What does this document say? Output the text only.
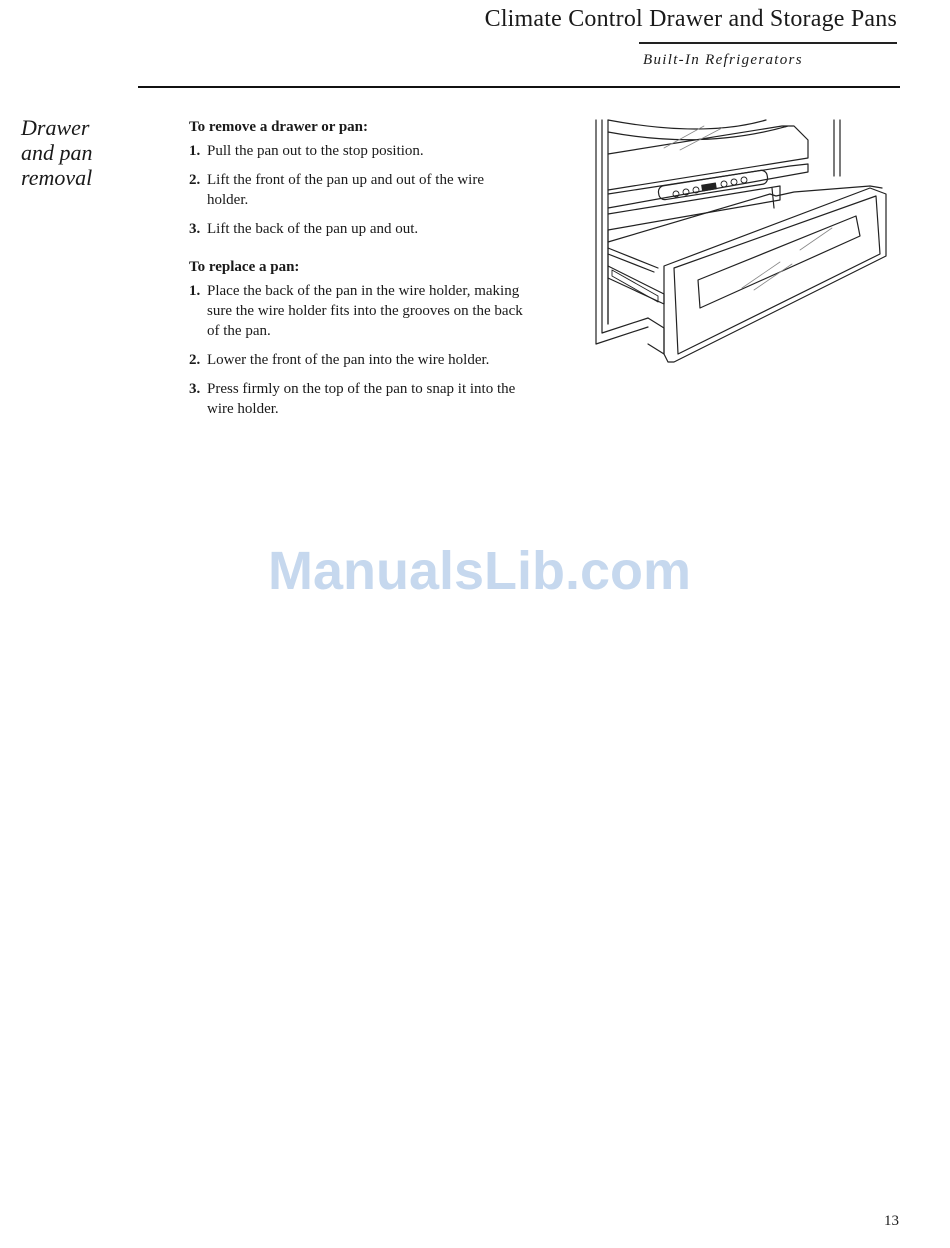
Climate Control Drawer and Storage Pans
Built-In Refrigerators
Drawer
and pan
removal
To remove a drawer or pan:
1. Pull the pan out to the stop position.
2. Lift the front of the pan up and out of the wire holder.
3. Lift the back of the pan up and out.
To replace a pan:
1. Place the back of the pan in the wire holder, making sure the wire holder fits into the grooves on the back of the pan.
2. Lower the front of the pan into the wire holder.
3. Press firmly on the top of the pan to snap it into the wire holder.
ManualsLib.com
13
